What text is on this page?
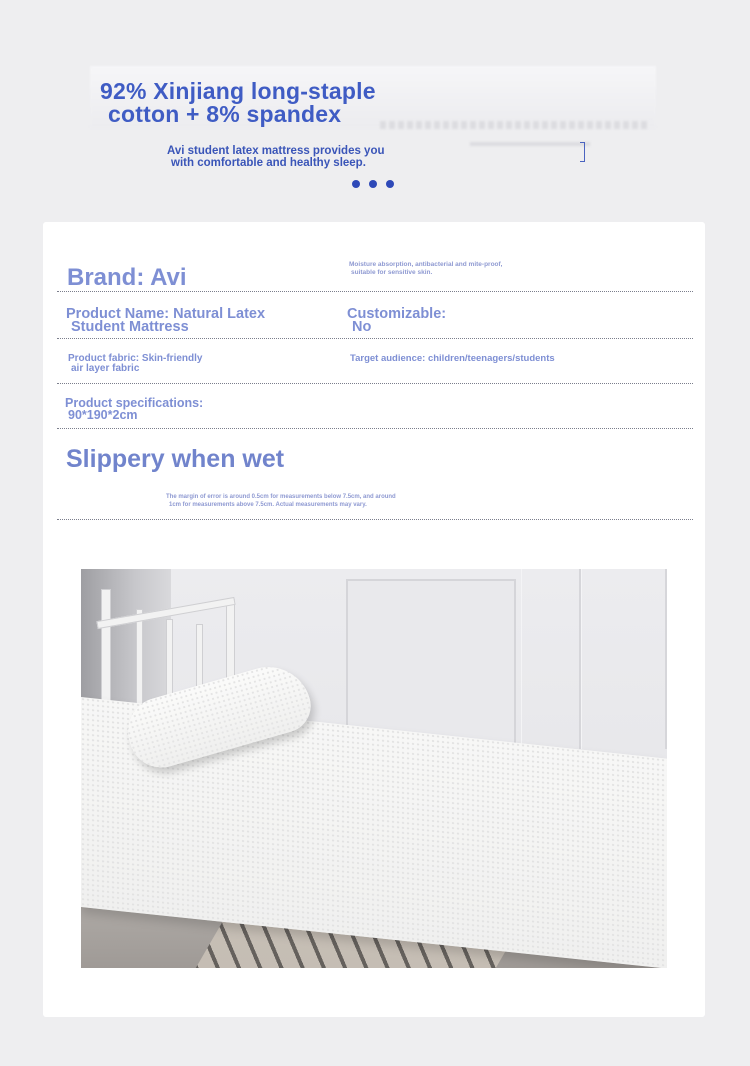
92% Xinjiang long-staple
cotton + 8% spandex
Avi student latex mattress provides you
with comfortable and healthy sleep.
Brand: Avi	Moisture absorption, antibacterial and mite-proof,
suitable for sensitive skin.
Product Name: Natural Latex
Student Mattress
Customizable:
No
Product fabric: Skin-friendly
air layer fabric
Target audience: children/teenagers/students
Product specifications:
90*190*2cm
Slippery when wet
The margin of error is around 0.5cm for measurements below 7.5cm, and around
1cm for measurements above 7.5cm. Actual measurements may vary.
